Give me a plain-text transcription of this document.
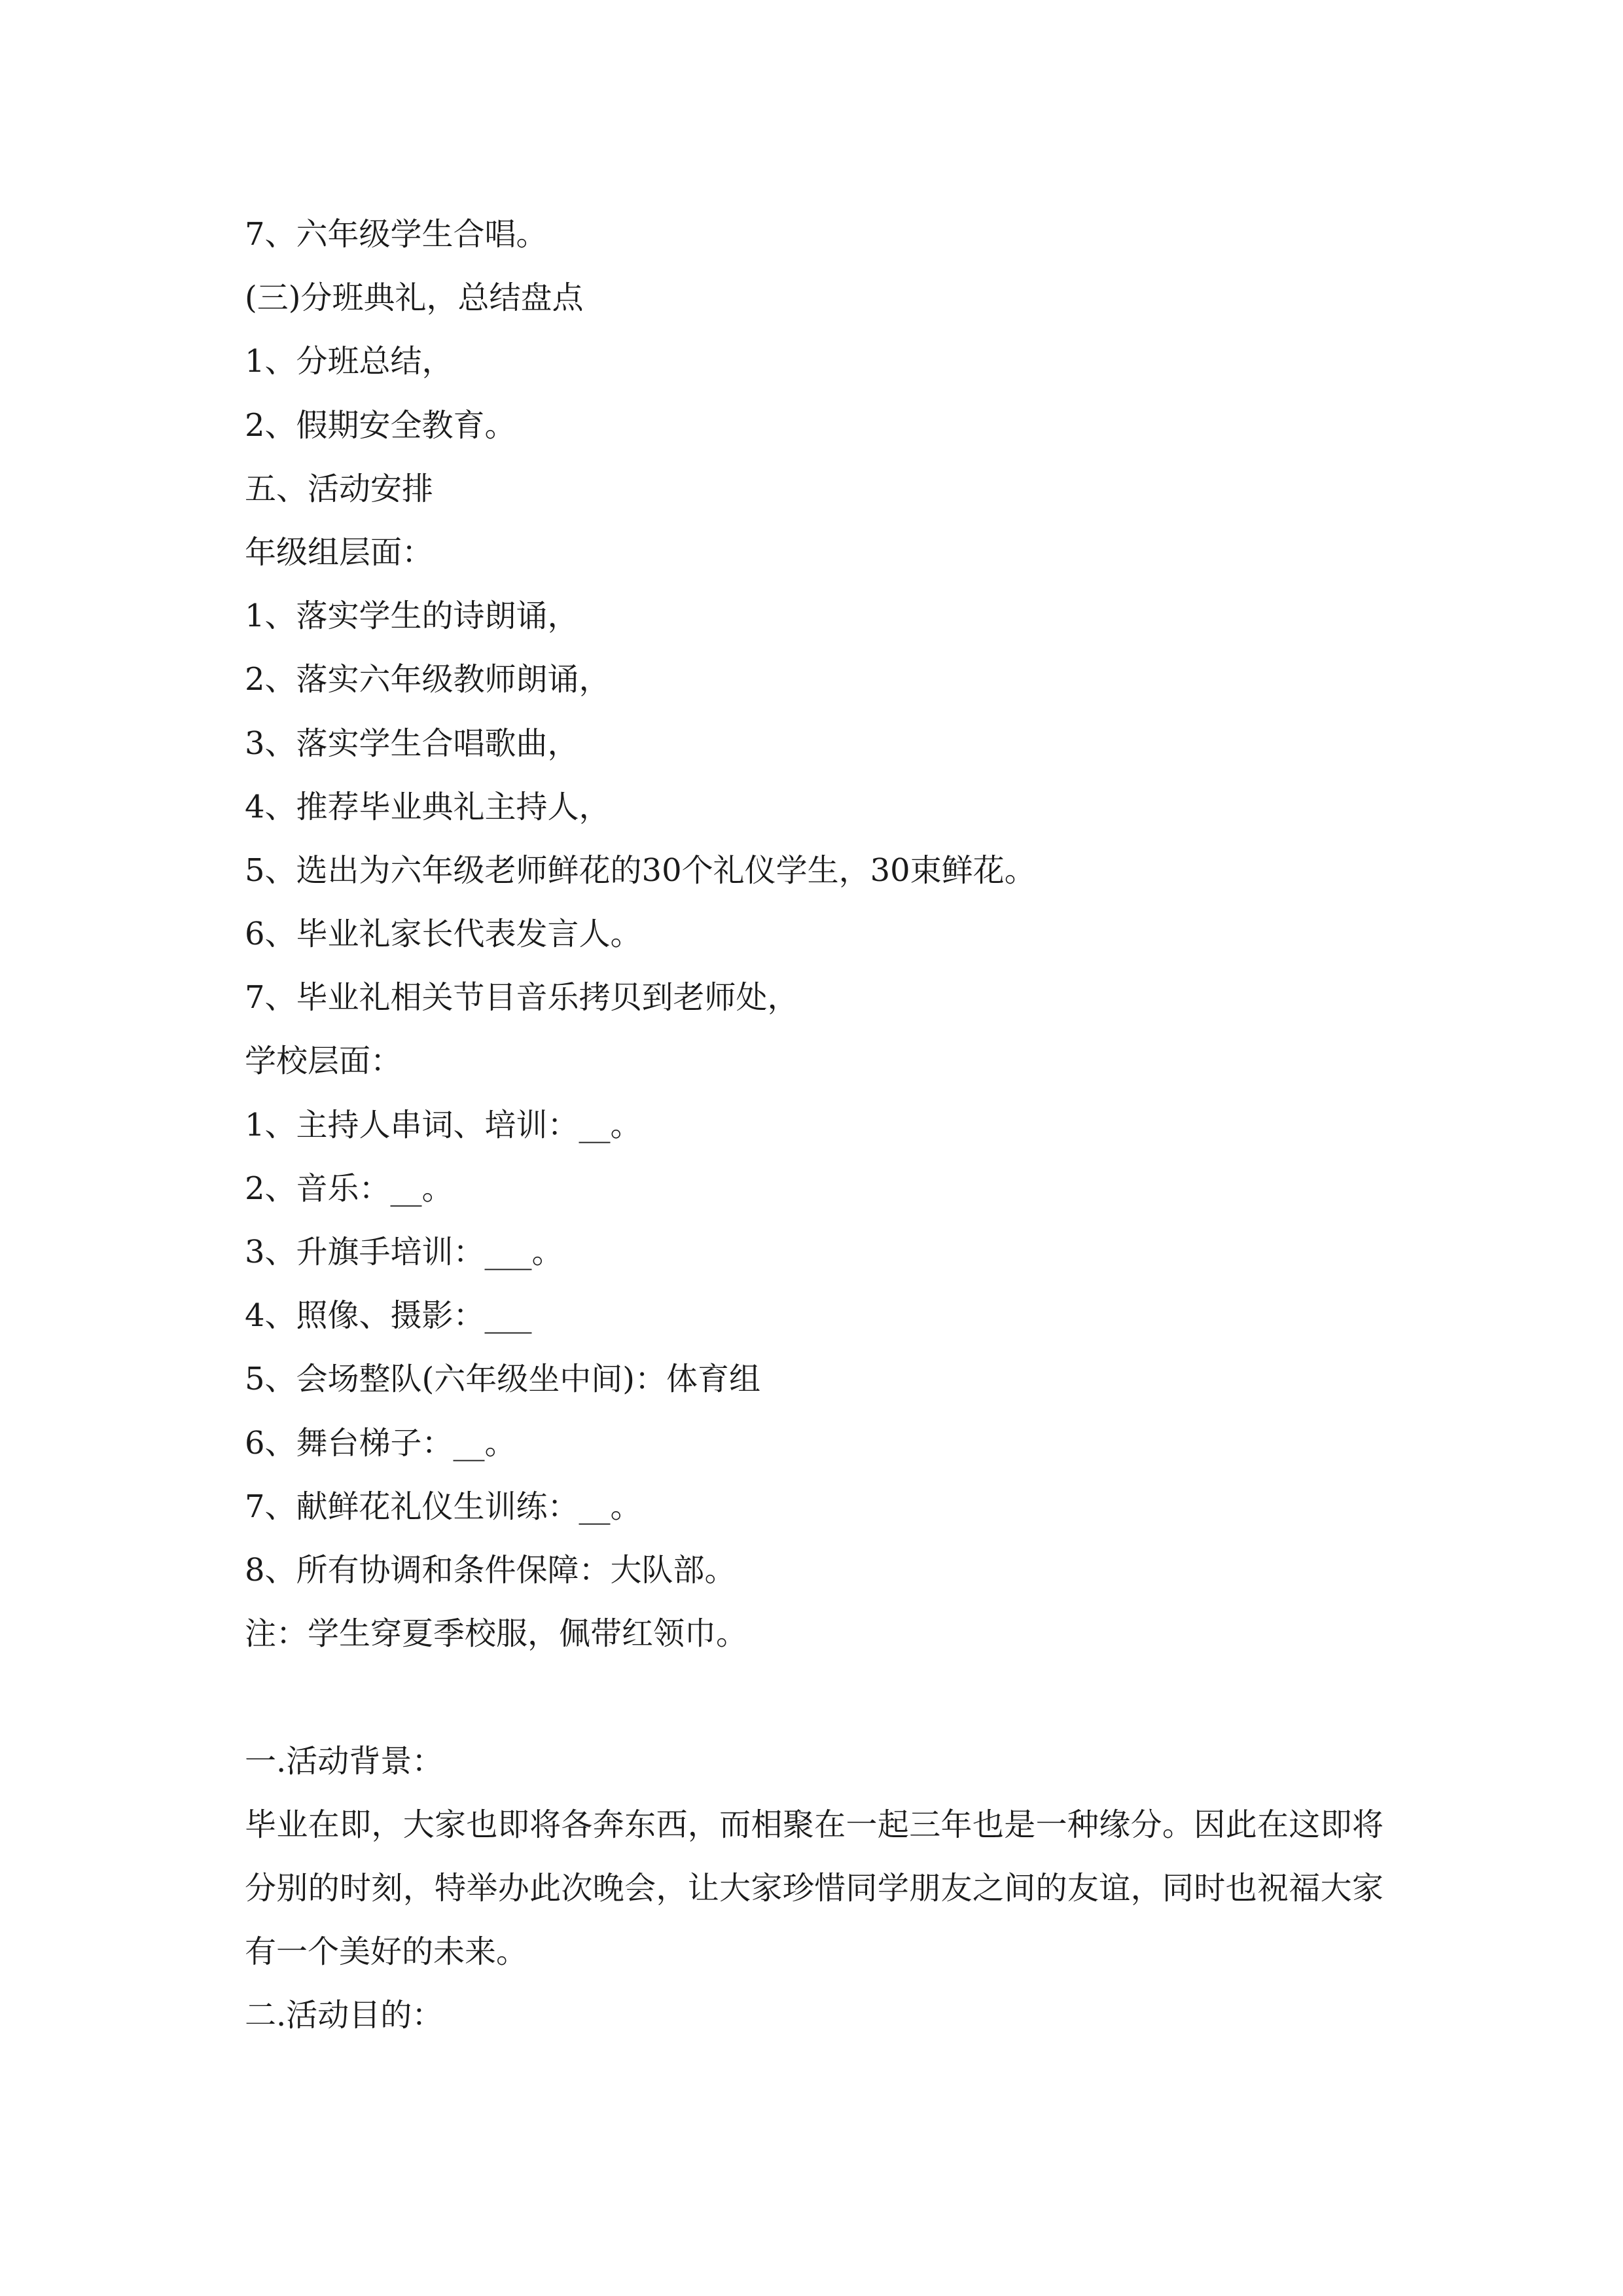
7、六年级学生合唱。

(三)分班典礼，总结盘点

1、分班总结，

2、假期安全教育。

五、活动安排

年级组层面：

1、落实学生的诗朗诵，

2、落实六年级教师朗诵，

3、落实学生合唱歌曲，

4、推荐毕业典礼主持人，

5、选出为六年级老师鲜花的30个礼仪学生，30束鲜花。

6、毕业礼家长代表发言人。

7、毕业礼相关节目音乐拷贝到老师处，

学校层面：

1、主持人串词、培训：__。

2、音乐：__。

3、升旗手培训：___。

4、照像、摄影：___

5、会场整队(六年级坐中间)：体育组

6、舞台梯子：__。

7、献鲜花礼仪生训练：__。

8、所有协调和条件保障：大队部。

注：学生穿夏季校服，佩带红领巾。

一.活动背景：

毕业在即，大家也即将各奔东西，而相聚在一起三年也是一种缘分。因此在这即将分别的时刻，特举办此次晚会，让大家珍惜同学朋友之间的友谊，同时也祝福大家有一个美好的未来。

二.活动目的：
